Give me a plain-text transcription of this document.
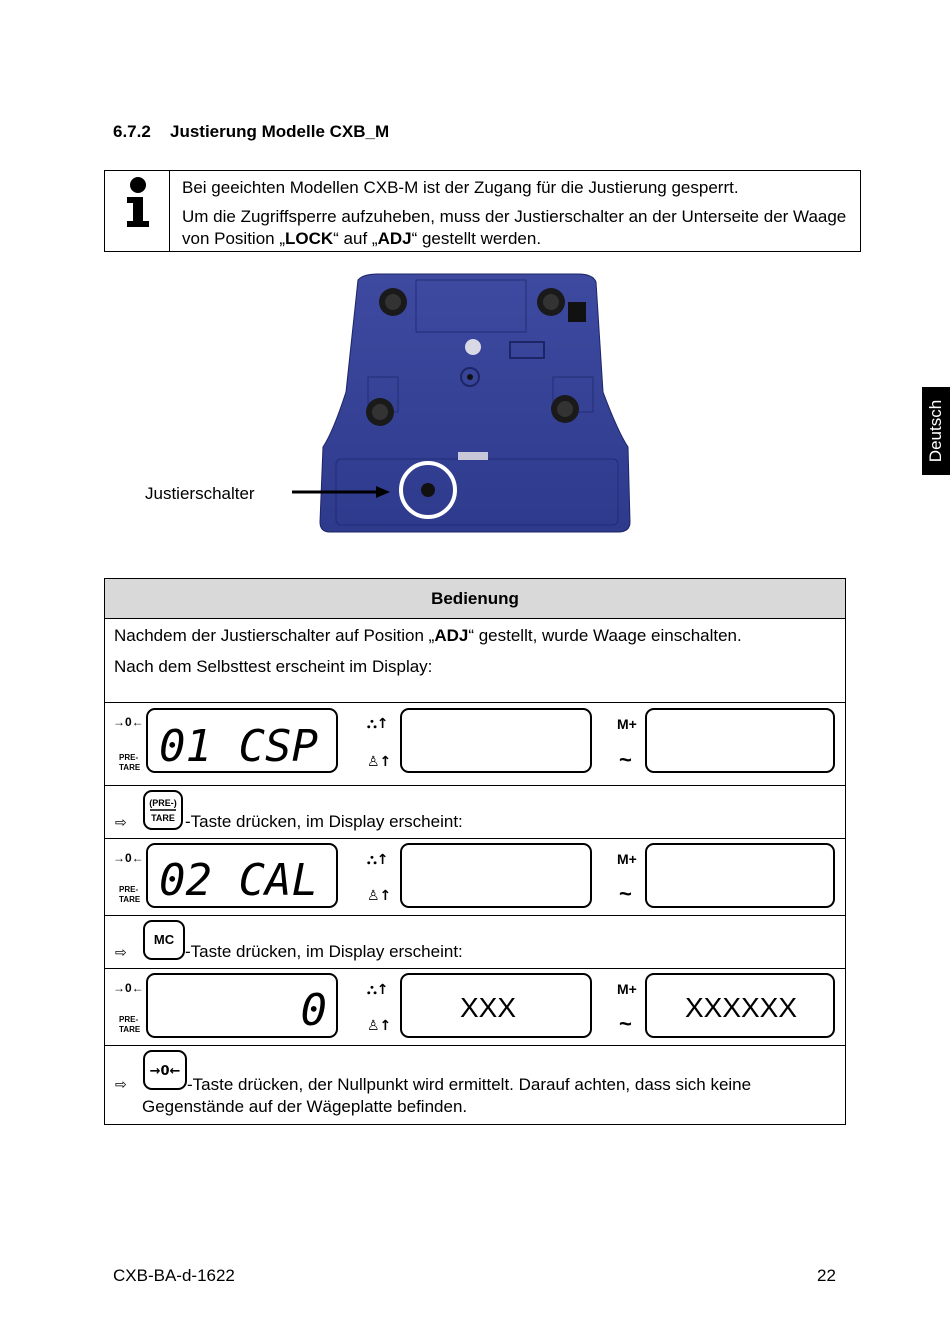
6.7.2 Justierung Modelle CXB_M
Deutsch

Bei geeichten Modellen CXB-M ist der Zugang für die Justierung gesperrt.

Um die Zugriffsperre aufzuheben, muss der Justierschalter an der Unterseite der Waage von Position „LOCK“ auf „ADJ“ gestellt werden.

Justierschalter
Bedienung

Nachdem der Justierschalter auf Position „ADJ“ gestellt, wurde Waage einschalten.

Nach dem Selbsttest erscheint im Display:

→0←
PRE-
TARE 01 CSP	⛬↑
♙↑
M+
~
⇨
(PRE-)
TARE -Taste drücken, im Display erscheint:
→0←
PRE-
TARE 02 CAL	⛬↑
♙↑
M+
~
⇨
MC
-Taste drücken, im Display erscheint:
→0←
PRE-
TARE	0	⛬↑
♙↑
XXX
M+
~
XXXXXX
⇨
→0←
-Taste drücken, der Nullpunkt wird ermittelt. Darauf achten, dass sich keine
Gegenstände auf der Wägeplatte befinden.
CXB-BA-d-1622	22
